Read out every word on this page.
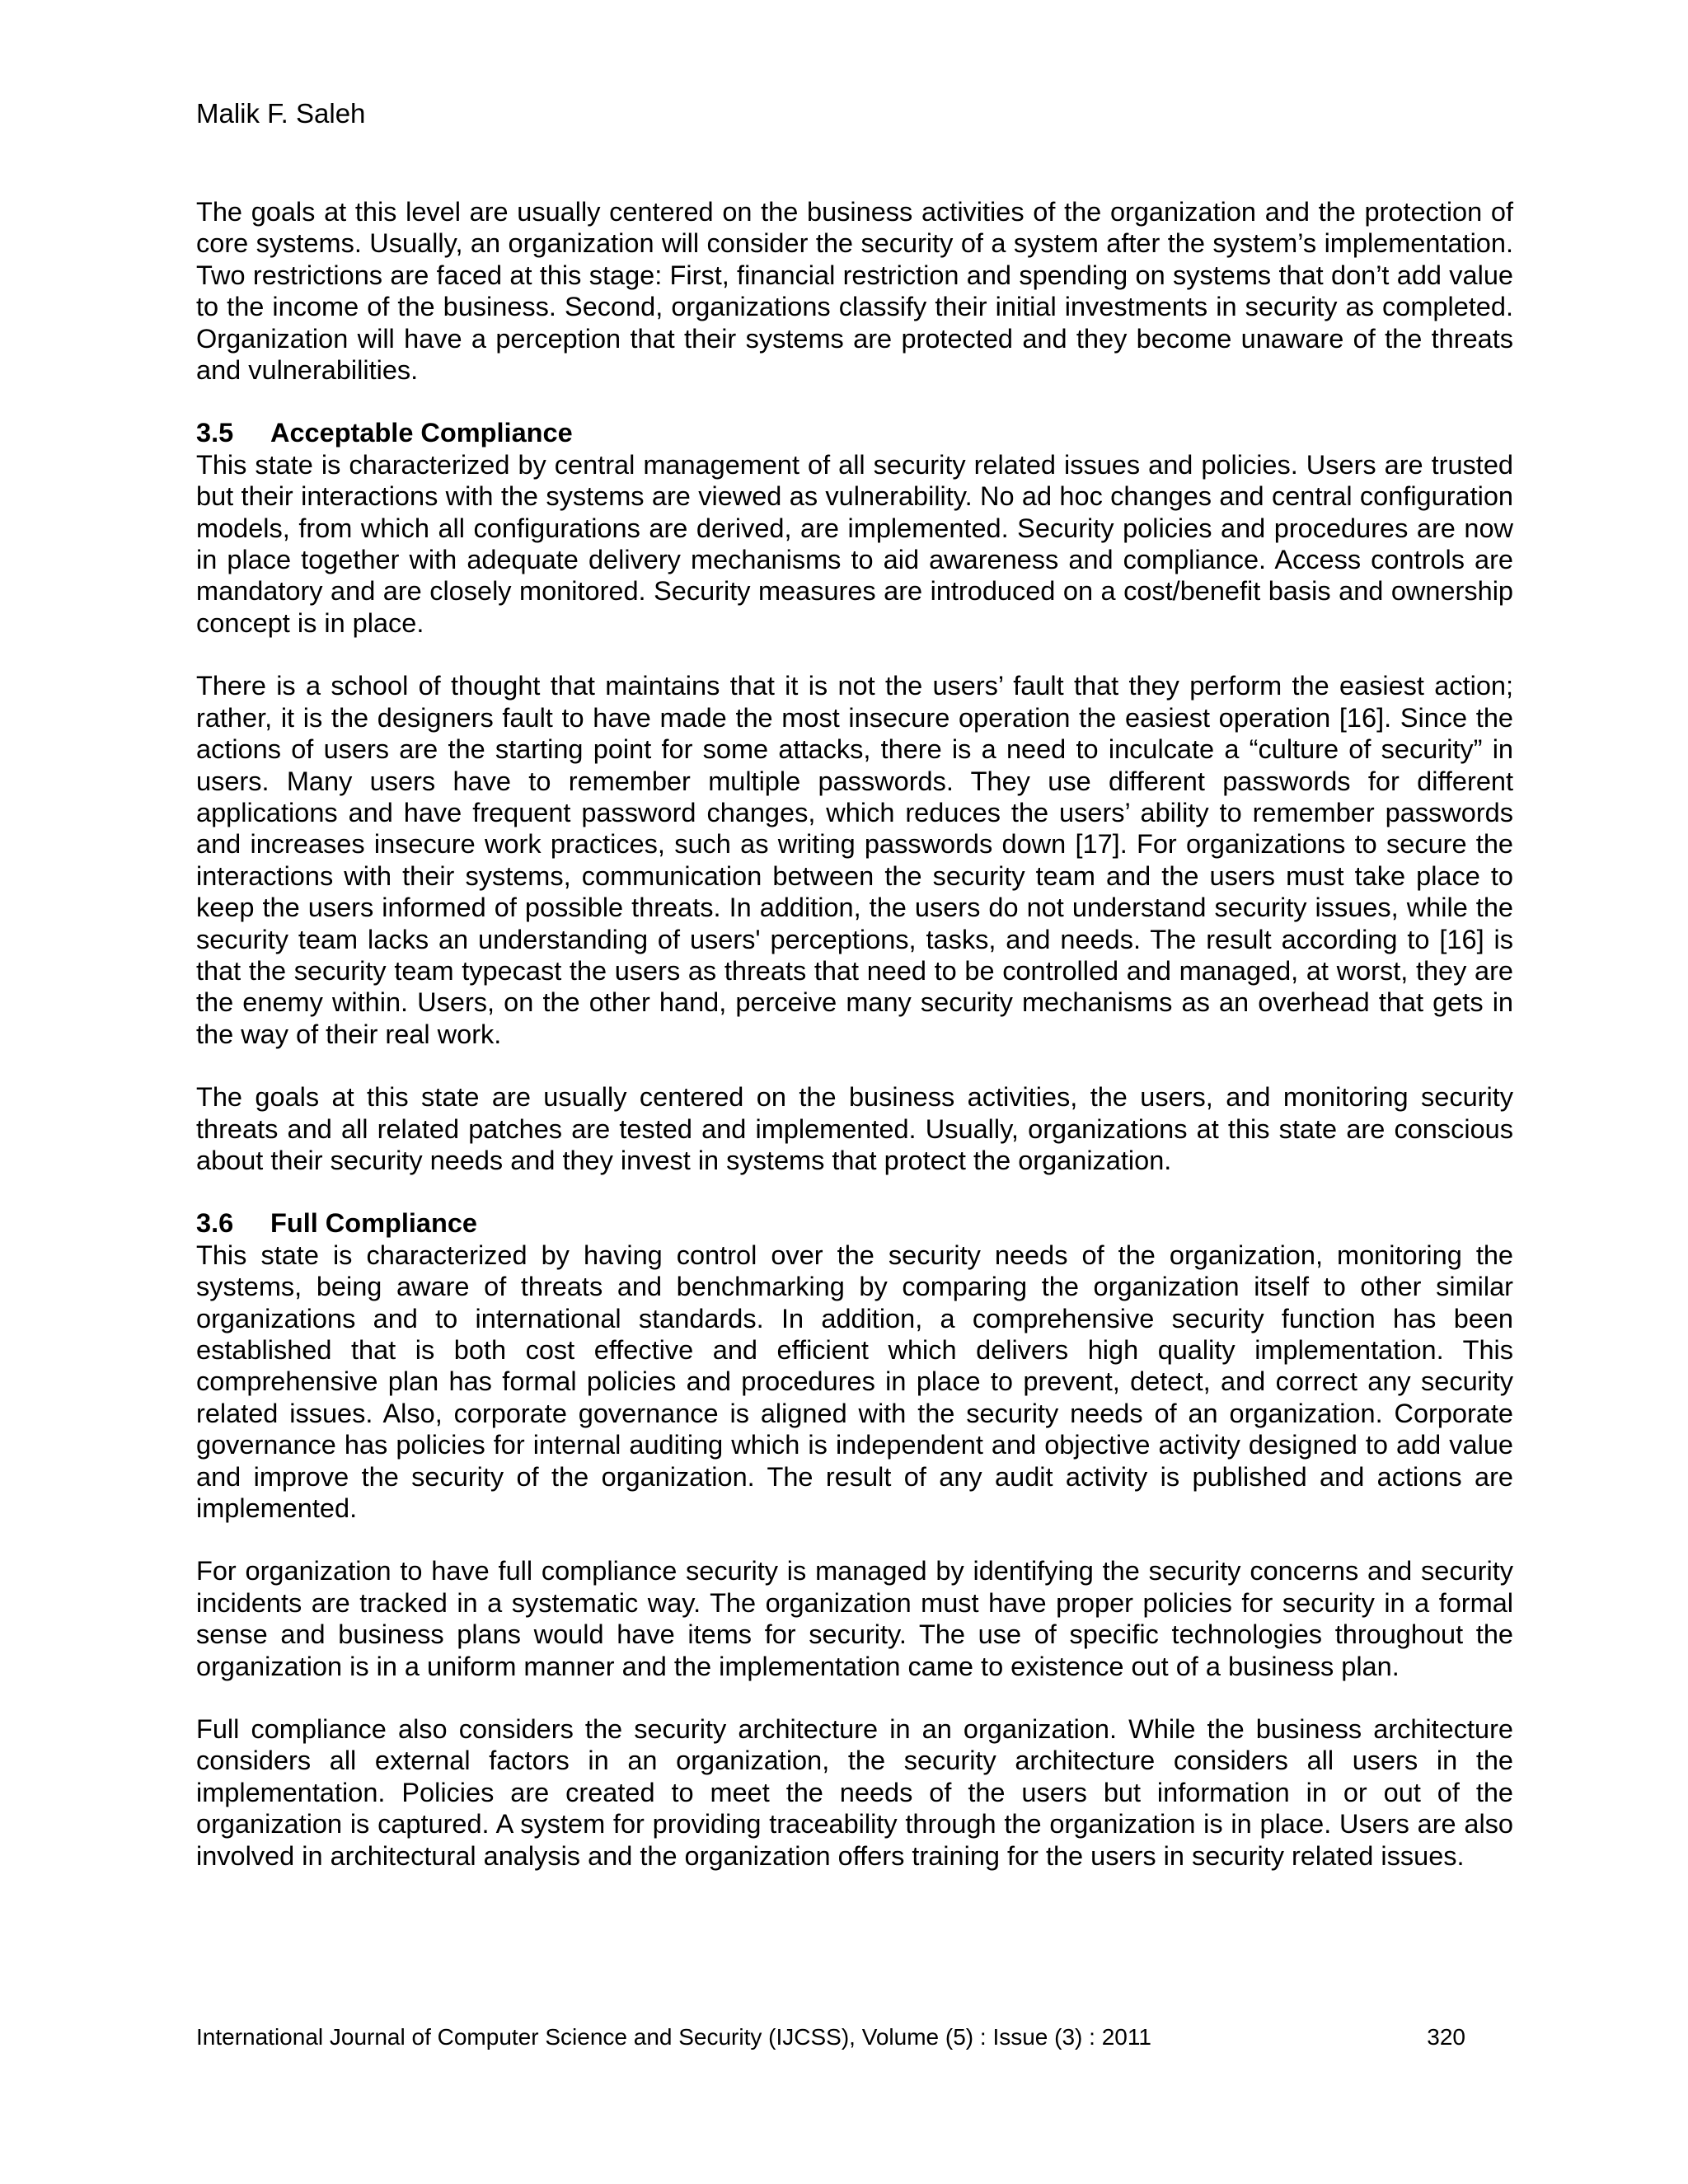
Malik F. Saleh

The goals at this level are usually centered on the business activities of the organization and the protection of core systems. Usually, an organization will consider the security of a system after the system’s implementation. Two restrictions are faced at this stage: First, financial restriction and spending on systems that don’t add value to the income of the business. Second, organizations classify their initial investments in security as completed. Organization will have a perception that their systems are protected and they become unaware of the threats and vulnerabilities.

3.5 Acceptable Compliance

This state is characterized by central management of all security related issues and policies. Users are trusted but their interactions with the systems are viewed as vulnerability. No ad hoc changes and central configuration models, from which all configurations are derived, are implemented. Security policies and procedures are now in place together with adequate delivery mechanisms to aid awareness and compliance. Access controls are mandatory and are closely monitored. Security measures are introduced on a cost/benefit basis and ownership concept is in place.

There is a school of thought that maintains that it is not the users’ fault that they perform the easiest action; rather, it is the designers fault to have made the most insecure operation the easiest operation [16]. Since the actions of users are the starting point for some attacks, there is a need to inculcate a “culture of security” in users. Many users have to remember multiple passwords. They use different passwords for different applications and have frequent password changes, which reduces the users’ ability to remember passwords and increases insecure work practices, such as writing passwords down [17]. For organizations to secure the interactions with their systems, communication between the security team and the users must take place to keep the users informed of possible threats. In addition, the users do not understand security issues, while the security team lacks an understanding of users' perceptions, tasks, and needs. The result according to [16] is that the security team typecast the users as threats that need to be controlled and managed, at worst, they are the enemy within. Users, on the other hand, perceive many security mechanisms as an overhead that gets in the way of their real work.

The goals at this state are usually centered on the business activities, the users, and monitoring security threats and all related patches are tested and implemented. Usually, organizations at this state are conscious about their security needs and they invest in systems that protect the organization.

3.6 Full Compliance

This state is characterized by having control over the security needs of the organization, monitoring the systems, being aware of threats and benchmarking by comparing the organization itself to other similar organizations and to international standards. In addition, a comprehensive security function has been established that is both cost effective and efficient which delivers high quality implementation. This comprehensive plan has formal policies and procedures in place to prevent, detect, and correct any security related issues. Also, corporate governance is aligned with the security needs of an organization. Corporate governance has policies for internal auditing which is independent and objective activity designed to add value and improve the security of the organization. The result of any audit activity is published and actions are implemented.

For organization to have full compliance security is managed by identifying the security concerns and security incidents are tracked in a systematic way. The organization must have proper policies for security in a formal sense and business plans would have items for security. The use of specific technologies throughout the organization is in a uniform manner and the implementation came to existence out of a business plan.

Full compliance also considers the security architecture in an organization. While the business architecture considers all external factors in an organization, the security architecture considers all users in the implementation. Policies are created to meet the needs of the users but information in or out of the organization is captured. A system for providing traceability through the organization is in place. Users are also involved in architectural analysis and the organization offers training for the users in security related issues.

International Journal of Computer Science and Security (IJCSS), Volume (5) : Issue (3) : 2011	320
